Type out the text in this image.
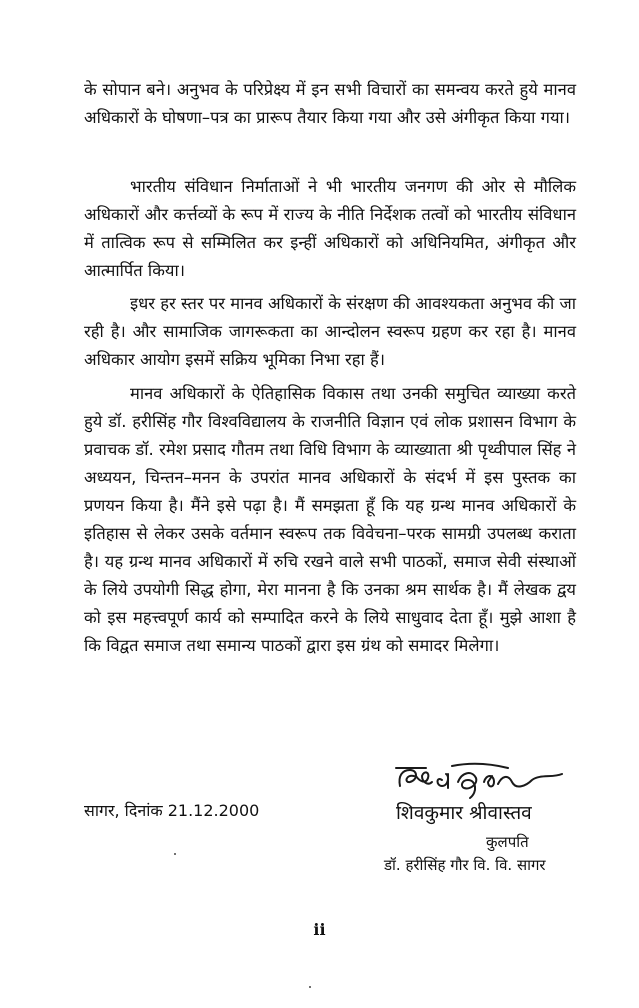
के सोपान बने। अनुभव के परिप्रेक्ष्य में इन सभी विचारों का समन्वय करते हुये मानव अधिकारों के घोषणा–पत्र का प्रारूप तैयार किया गया और उसे अंगीकृत किया गया।

भारतीय संविधान निर्माताओं ने भी भारतीय जनगण की ओर से मौलिक अधिकारों और कर्त्तव्यों के रूप में राज्य के नीति निर्देशक तत्वों को भारतीय संविधान में तात्विक रूप से सम्मिलित कर इन्हीं अधिकारों को अधिनियमित, अंगीकृत और आत्मार्पित किया।

इधर हर स्तर पर मानव अधिकारों के संरक्षण की आवश्यकता अनुभव की जा रही है। और सामाजिक जागरूकता का आन्दोलन स्वरूप ग्रहण कर रहा है। मानव अधिकार आयोग इसमें सक्रिय भूमिका निभा रहा हैं।

मानव अधिकारों के ऐतिहासिक विकास तथा उनकी समुचित व्याख्या करते हुये डॉ. हरीसिंह गौर विश्वविद्यालय के राजनीति विज्ञान एवं लोक प्रशासन विभाग के प्रवाचक डॉ. रमेश प्रसाद गौतम तथा विधि विभाग के व्याख्याता श्री पृथ्वीपाल सिंह ने अध्ययन, चिन्तन–मनन के उपरांत मानव अधिकारों के संदर्भ में इस पुस्तक का प्रणयन किया है। मैंने इसे पढ़ा है। मैं समझता हूँ कि यह ग्रन्थ मानव अधिकारों के इतिहास से लेकर उसके वर्तमान स्वरूप तक विवेचना–परक सामग्री उपलब्ध कराता है। यह ग्रन्थ मानव अधिकारों में रुचि रखने वाले सभी पाठकों, समाज सेवी संस्थाओं के लिये उपयोगी सिद्ध होगा, मेरा मानना है कि उनका श्रम सार्थक है। मैं लेखक द्वय को इस महत्त्वपूर्ण कार्य को सम्पादित करने के लिये साधुवाद देता हूँ। मुझे आशा है कि विद्वत समाज तथा समान्य पाठकों द्वारा इस ग्रंथ को समादर मिलेगा।

सागर, दिनांक 21.12.2000	शिवकुमार श्रीवास्तव
कुलपति
डॉ. हरीसिंह गौर वि. वि. सागर
ii
